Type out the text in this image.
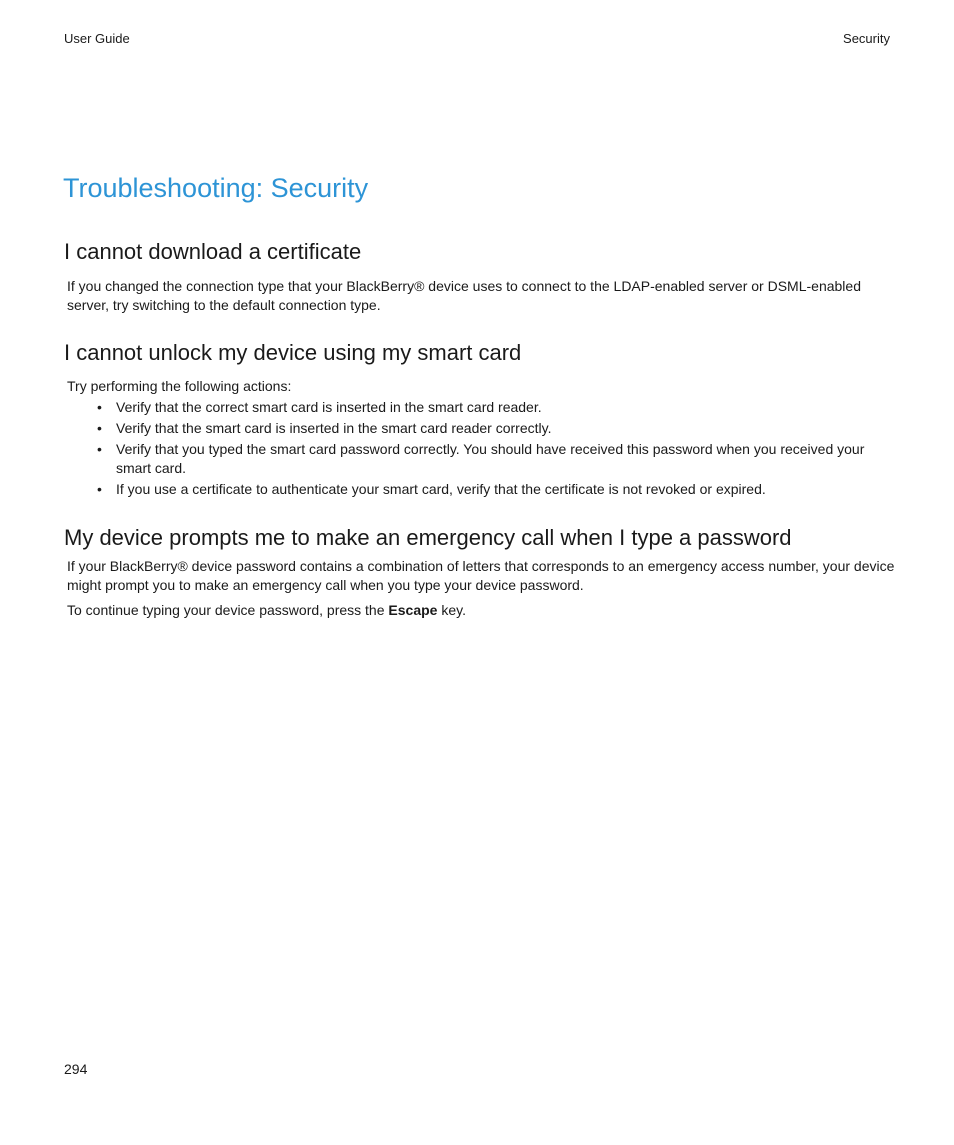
User Guide	Security
Troubleshooting: Security
I cannot download a certificate

If you changed the connection type that your BlackBerry® device uses to connect to the LDAP-enabled server or DSML-enabled server, try switching to the default connection type.

I cannot unlock my device using my smart card

Try performing the following actions:

• Verify that the correct smart card is inserted in the smart card reader.
• Verify that the smart card is inserted in the smart card reader correctly.
• Verify that you typed the smart card password correctly. You should have received this password when you received your smart card.
• If you use a certificate to authenticate your smart card, verify that the certificate is not revoked or expired.
My device prompts me to make an emergency call when I type a password

If your BlackBerry® device password contains a combination of letters that corresponds to an emergency access number, your device might prompt you to make an emergency call when you type your device password.

To continue typing your device password, press the Escape key.

294
